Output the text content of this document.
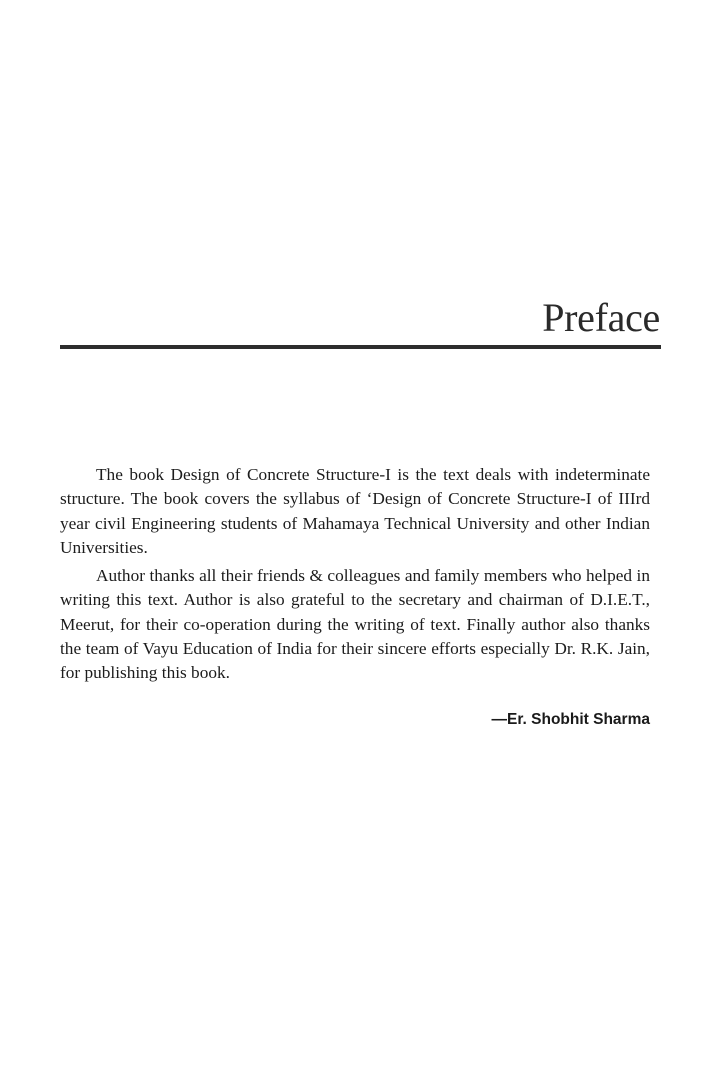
Preface

The book Design of Concrete Structure-I is the text deals with indeterminate structure. The book covers the syllabus of ‘Design of Concrete Structure-I of IIIrd year civil Engineering students of Mahamaya Technical University and other Indian Universities.

Author thanks all their friends & colleagues and family members who helped in writing this text. Author is also grateful to the secretary and chairman of D.I.E.T., Meerut, for their co-operation during the writing of text. Finally author also thanks the team of Vayu Education of India for their sincere efforts especially Dr. R.K. Jain, for publishing this book.

—Er. Shobhit Sharma
